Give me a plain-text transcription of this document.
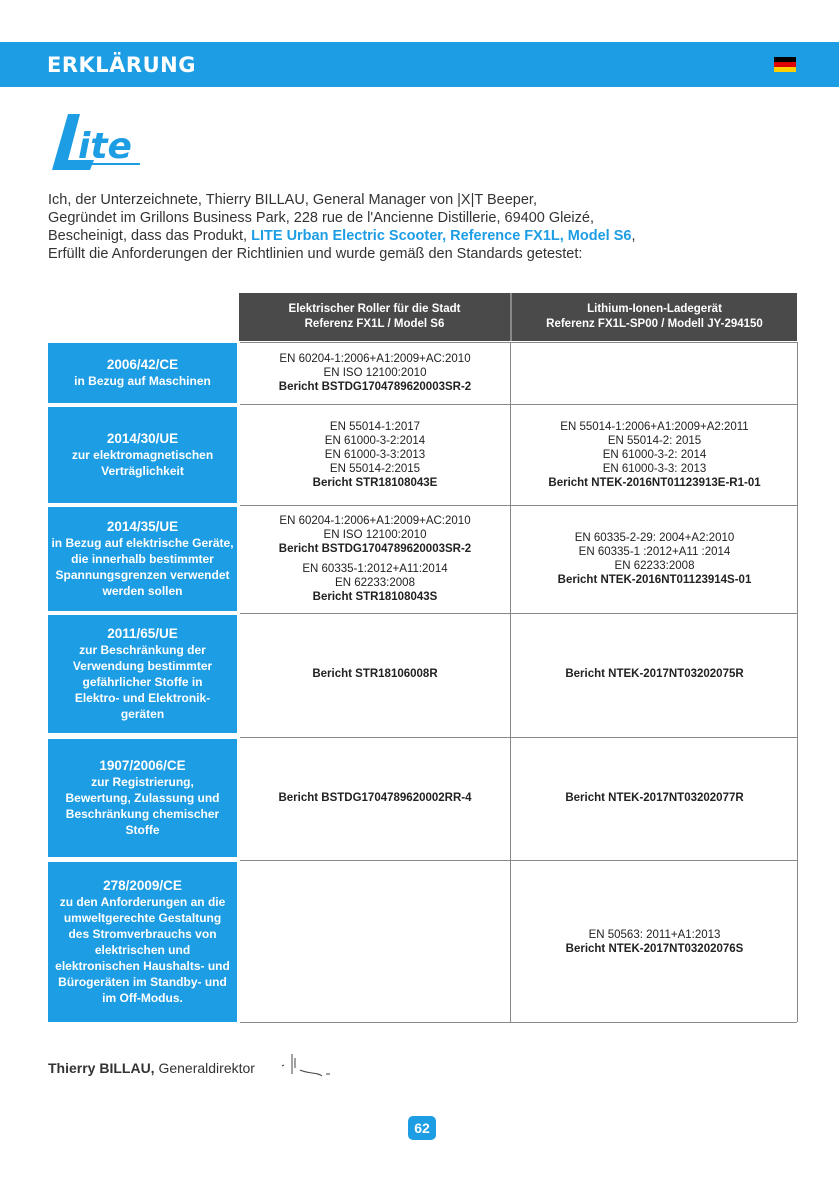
ERKLÄRUNG
ite
Ich, der Unterzeichnete, Thierry BILLAU, General Manager von |X|T Beeper,
Gegründet im Grillons Business Park, 228 rue de l'Ancienne Distillerie, 69400 Gleizé,
Bescheinigt, dass das Produkt, LITE Urban Electric Scooter, Reference FX1L, Model S6,
Erfüllt die Anforderungen der Richtlinien und wurde gemäß den Standards getestet:
Elektrischer Roller für die Stadt
Referenz FX1L / Model S6
Lithium-Ionen-Ladegerät
Referenz FX1L-SP00 / Modell JY-294150
2006/42/CE
in Bezug auf Maschinen
EN 60204-1:2006+A1:2009+AC:2010
EN ISO 12100:2010
Bericht BSTDG1704789620003SR-2
2014/30/UE
zur elektromagnetischen
Verträglichkeit
EN 55014-1:2017
EN 61000-3-2:2014
EN 61000-3-3:2013
EN 55014-2:2015
Bericht STR18108043E
EN 55014-1:2006+A1:2009+A2:2011
EN 55014-2: 2015
EN 61000-3-2: 2014
EN 61000-3-3: 2013
Bericht NTEK-2016NT01123913E-R1-01
2014/35/UE
in Bezug auf elektrische Geräte,
die innerhalb bestimmter
Spannungsgrenzen verwendet
werden sollen
EN 60204-1:2006+A1:2009+AC:2010
EN ISO 12100:2010
Bericht BSTDG1704789620003SR-2
EN 60335-1:2012+A11:2014
EN 62233:2008
Bericht STR18108043S
EN 60335-2-29: 2004+A2:2010
EN 60335-1 :2012+A11 :2014
EN 62233:2008
Bericht NTEK-2016NT01123914S-01
2011/65/UE
zur Beschränkung der
Verwendung bestimmter
gefährlicher Stoffe in
Elektro- und Elektronik-
geräten
Bericht STR18106008R	Bericht NTEK-2017NT03202075R
1907/2006/CE
zur Registrierung,
Bewertung, Zulassung und
Beschränkung chemischer
Stoffe
Bericht BSTDG1704789620002RR-4	Bericht NTEK-2017NT03202077R
278/2009/CE
zu den Anforderungen an die
umweltgerechte Gestaltung
des Stromverbrauchs von
elektrischen und
elektronischen Haushalts- und
Bürogeräten im Standby- und
im Off-Modus.
EN 50563: 2011+A1:2013
Bericht NTEK-2017NT03202076S
Thierry BILLAU, Generaldirektor
62
